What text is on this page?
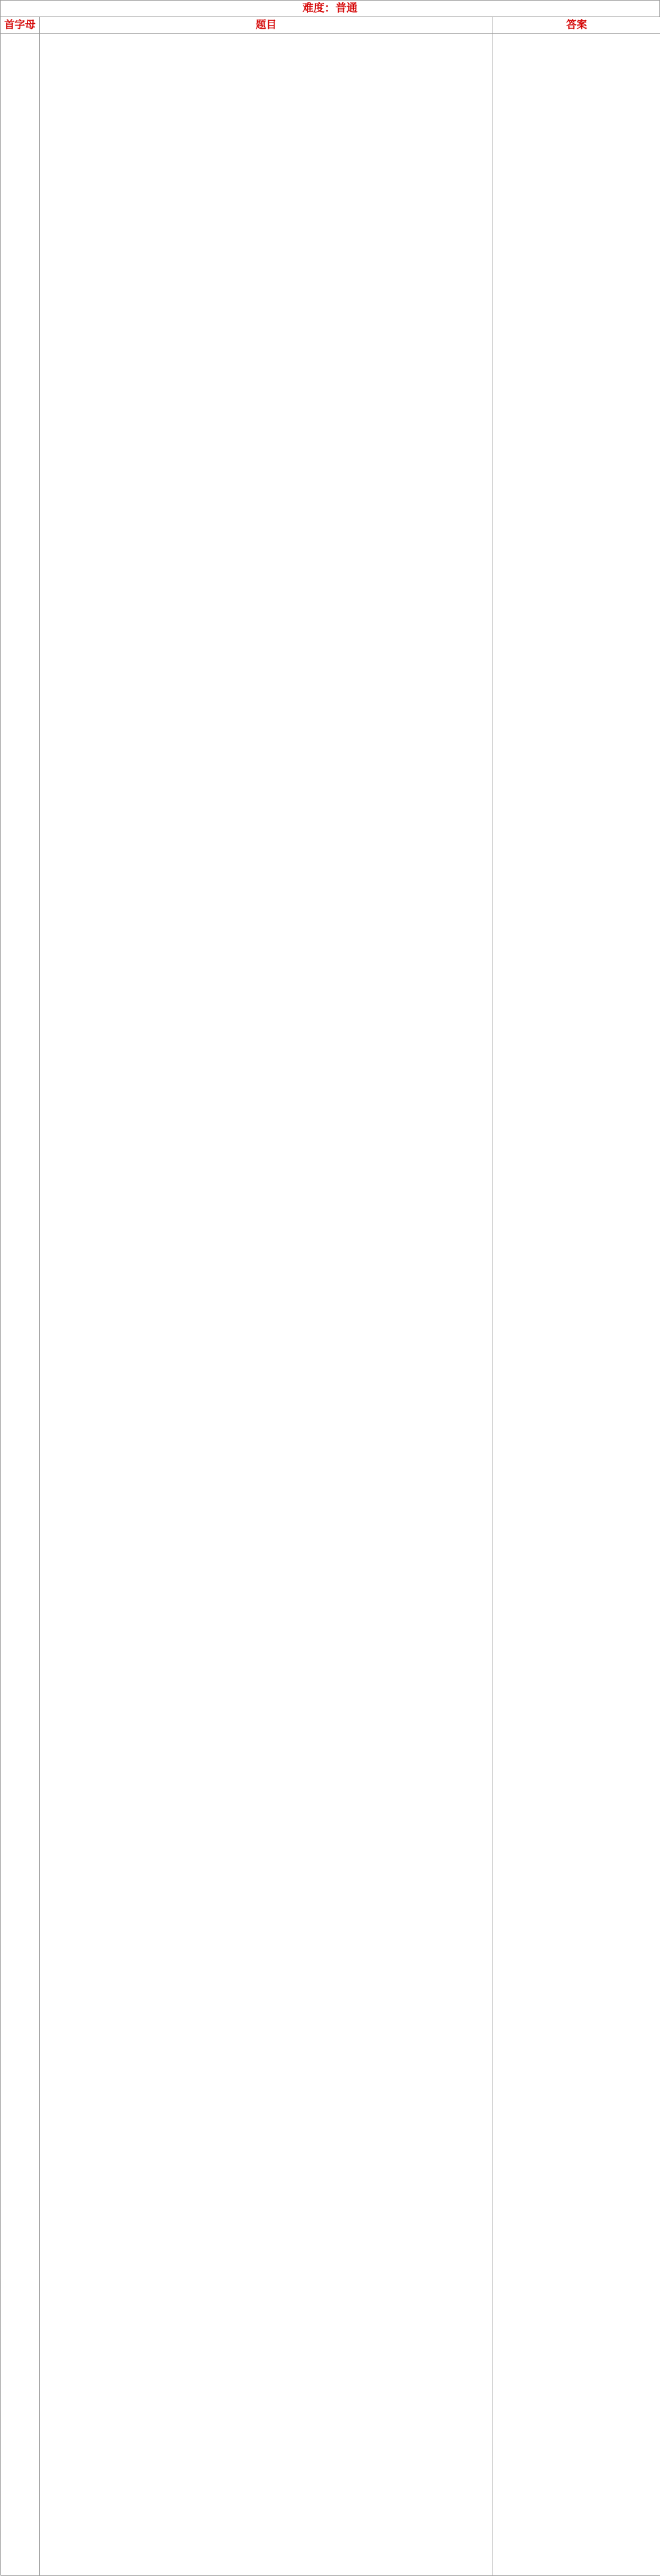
难度：普通
首字母	题目	答案
